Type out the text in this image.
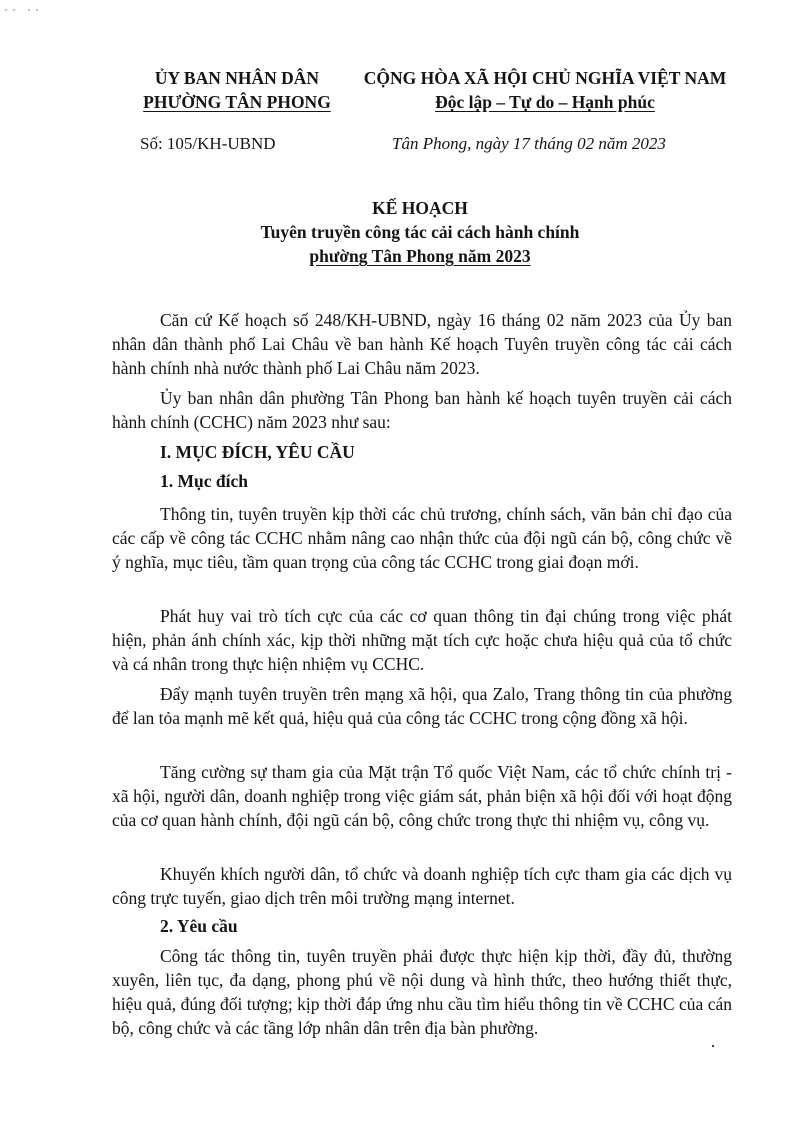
˙˙ ˙˙
ỦY BAN NHÂN DÂN
PHƯỜNG TÂN PHONG
CỘNG HÒA XÃ HỘI CHỦ NGHĨA VIỆT NAM
Độc lập – Tự do – Hạnh phúc
Số: 105/KH-UBND	Tân Phong, ngày 17 tháng 02 năm 2023
KẾ HOẠCH
Tuyên truyền công tác cải cách hành chính
phường Tân Phong năm 2023
Căn cứ Kế hoạch số 248/KH-UBND, ngày 16 tháng 02 năm 2023 của Ủy ban nhân dân thành phố Lai Châu về ban hành Kế hoạch Tuyên truyền công tác cải cách hành chính nhà nước thành phố Lai Châu năm 2023.
Ủy ban nhân dân phường Tân Phong ban hành kế hoạch tuyên truyền cải cách hành chính (CCHC) năm 2023 như sau:
I. MỤC ĐÍCH, YÊU CẦU
1. Mục đích
Thông tin, tuyên truyền kịp thời các chủ trương, chính sách, văn bản chỉ đạo của các cấp về công tác CCHC nhằm nâng cao nhận thức của đội ngũ cán bộ, công chức về ý nghĩa, mục tiêu, tầm quan trọng của công tác CCHC trong giai đoạn mới.
Phát huy vai trò tích cực của các cơ quan thông tin đại chúng trong việc phát hiện, phản ánh chính xác, kịp thời những mặt tích cực hoặc chưa hiệu quả của tổ chức và cá nhân trong thực hiện nhiệm vụ CCHC.
Đẩy mạnh tuyên truyền trên mạng xã hội, qua Zalo, Trang thông tin của phường để lan tỏa mạnh mẽ kết quả, hiệu quả của công tác CCHC trong cộng đồng xã hội.
Tăng cường sự tham gia của Mặt trận Tổ quốc Việt Nam, các tổ chức chính trị - xã hội, người dân, doanh nghiệp trong việc giám sát, phản biện xã hội đối với hoạt động của cơ quan hành chính, đội ngũ cán bộ, công chức trong thực thi nhiệm vụ, công vụ.
Khuyến khích người dân, tổ chức và doanh nghiệp tích cực tham gia các dịch vụ công trực tuyến, giao dịch trên môi trường mạng internet.
2. Yêu cầu
Công tác thông tin, tuyên truyền phải được thực hiện kịp thời, đầy đủ, thường xuyên, liên tục, đa dạng, phong phú về nội dung và hình thức, theo hướng thiết thực, hiệu quả, đúng đối tượng; kịp thời đáp ứng nhu cầu tìm hiểu thông tin về CCHC của cán bộ, công chức và các tầng lớp nhân dân trên địa bàn phường.
